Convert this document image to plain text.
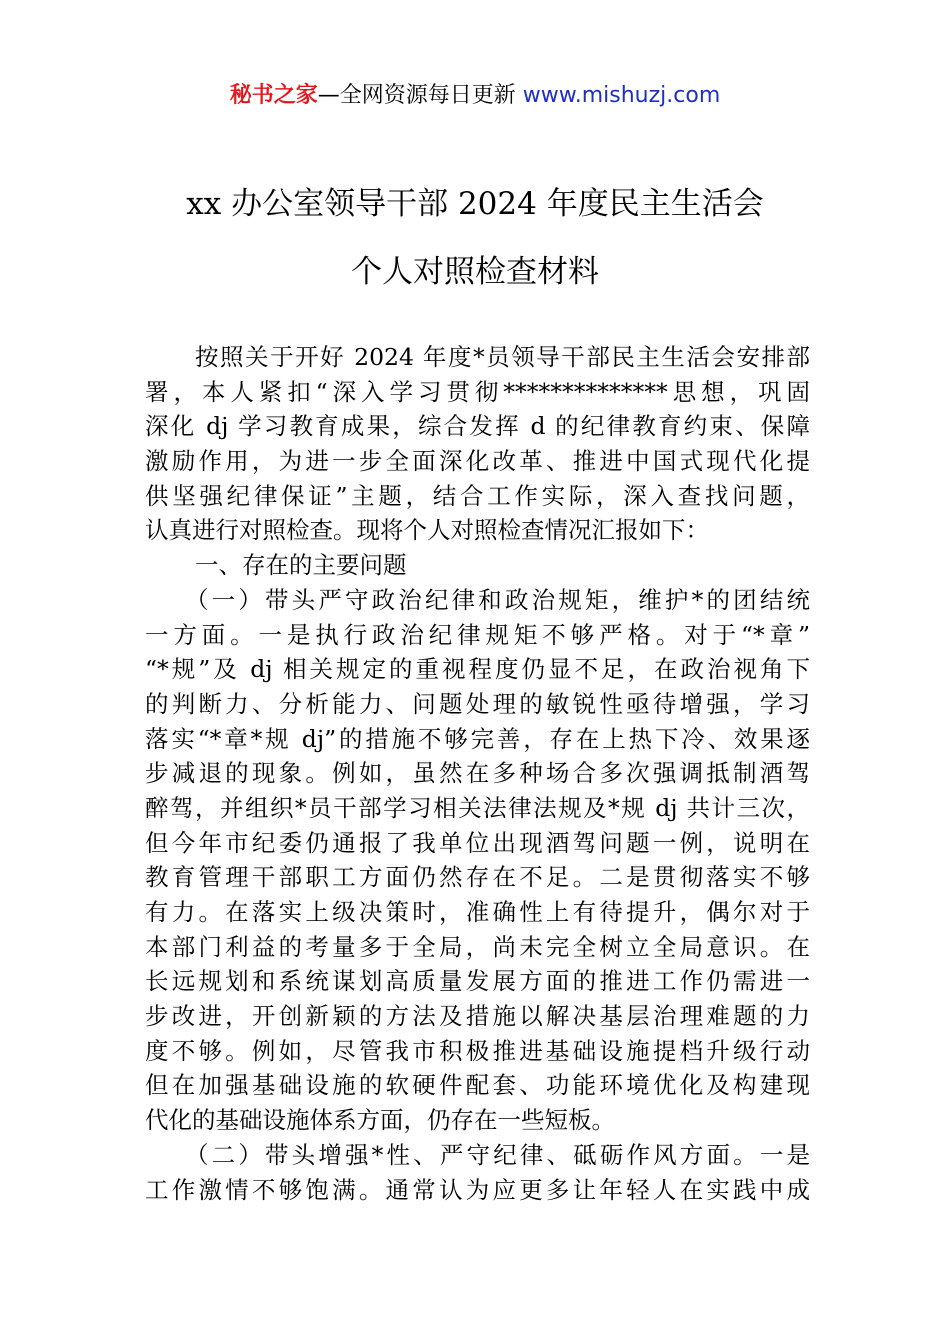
秘书之家—全网资源每日更新 www.mishuzj.com
xx 办公室领导干部 2024 年度民主生活会
个人对照检查材料
按照关于开好 2024 年度*员领导干部民主生活会安排部
署，本人紧扣“深入学习贯彻**************思想，巩固
深化 dj 学习教育成果，综合发挥 d 的纪律教育约束、保障
激励作用，为进一步全面深化改革、推进中国式现代化提
供坚强纪律保证”主题，结合工作实际，深入查找问题，
认真进行对照检查。现将个人对照检查情况汇报如下：
一、存在的主要问题
（一）带头严守政治纪律和政治规矩，维护*的团结统
一方面。一是执行政治纪律规矩不够严格。对于“*章”
“*规”及 dj 相关规定的重视程度仍显不足，在政治视角下
的判断力、分析能力、问题处理的敏锐性亟待增强，学习
落实“*章*规 dj”的措施不够完善，存在上热下冷、效果逐
步减退的现象。例如，虽然在多种场合多次强调抵制酒驾
醉驾，并组织*员干部学习相关法律法规及*规 dj 共计三次，
但今年市纪委仍通报了我单位出现酒驾问题一例，说明在
教育管理干部职工方面仍然存在不足。二是贯彻落实不够
有力。在落实上级决策时，准确性上有待提升，偶尔对于
本部门利益的考量多于全局，尚未完全树立全局意识。在
长远规划和系统谋划高质量发展方面的推进工作仍需进一
步改进，开创新颖的方法及措施以解决基层治理难题的力
度不够。例如，尽管我市积极推进基础设施提档升级行动
但在加强基础设施的软硬件配套、功能环境优化及构建现
代化的基础设施体系方面，仍存在一些短板。
（二）带头增强*性、严守纪律、砥砺作风方面。一是
工作激情不够饱满。通常认为应更多让年轻人在实践中成
